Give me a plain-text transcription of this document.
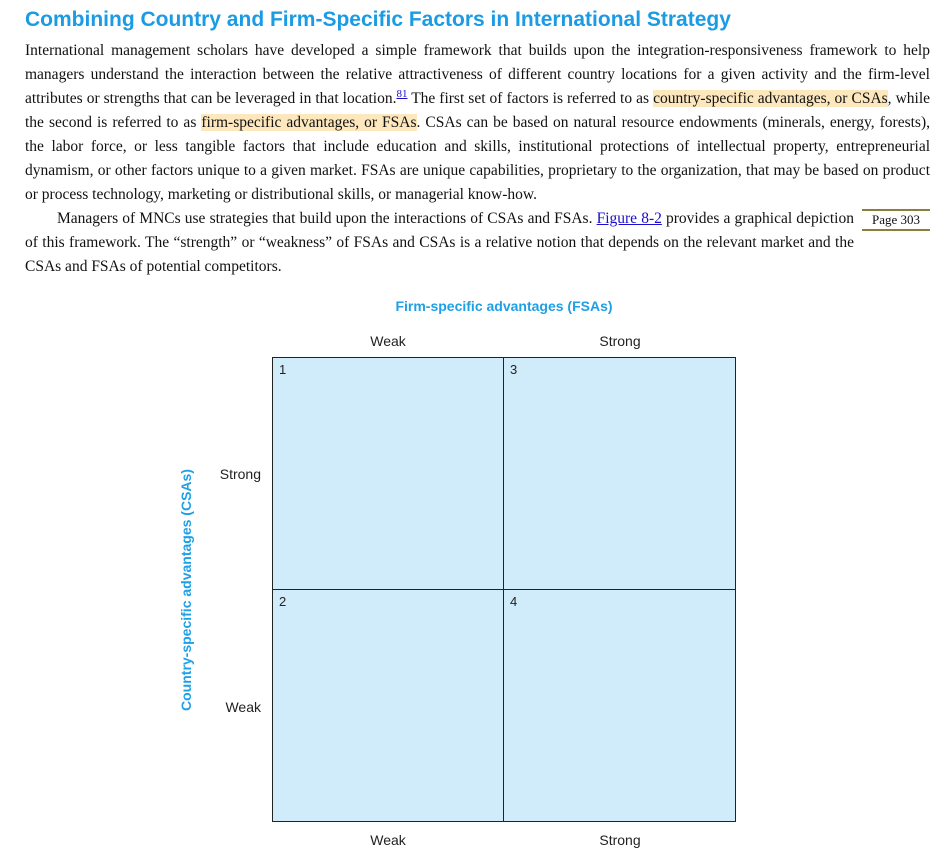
Combining Country and Firm-Specific Factors in International Strategy

International management scholars have developed a simple framework that builds upon the integration-responsiveness framework to help managers understand the interaction between the relative attractiveness of different country locations for a given activity and the firm-level attributes or strengths that can be leveraged in that location.$^{81}$ The first set of factors is referred to as country-specific advantages, or CSAs, while the second is referred to as firm-specific advantages, or FSAs. CSAs can be based on natural resource endowments (minerals, energy, forests), the labor force, or less tangible factors that include education and skills, institutional protections of intellectual property, entrepreneurial dynamism, or other factors unique to a given market. FSAs are unique capabilities, proprietary to the organization, that may be based on product or process technology, marketing or distributional skills, or managerial know-how.

Page 303
Managers of MNCs use strategies that build upon the interactions of CSAs and FSAs. Figure 8-2 provides a graphical depiction of this framework. The “strength” or “weakness” of FSAs and CSAs is a relative notion that depends on the relevant market and the CSAs and FSAs of potential competitors.

Firm-specific advantages (FSAs)
Weak	Strong
Weak	Strong
Strong
Weak
Country-specific advantages (CSAs)
1	3
2	4
